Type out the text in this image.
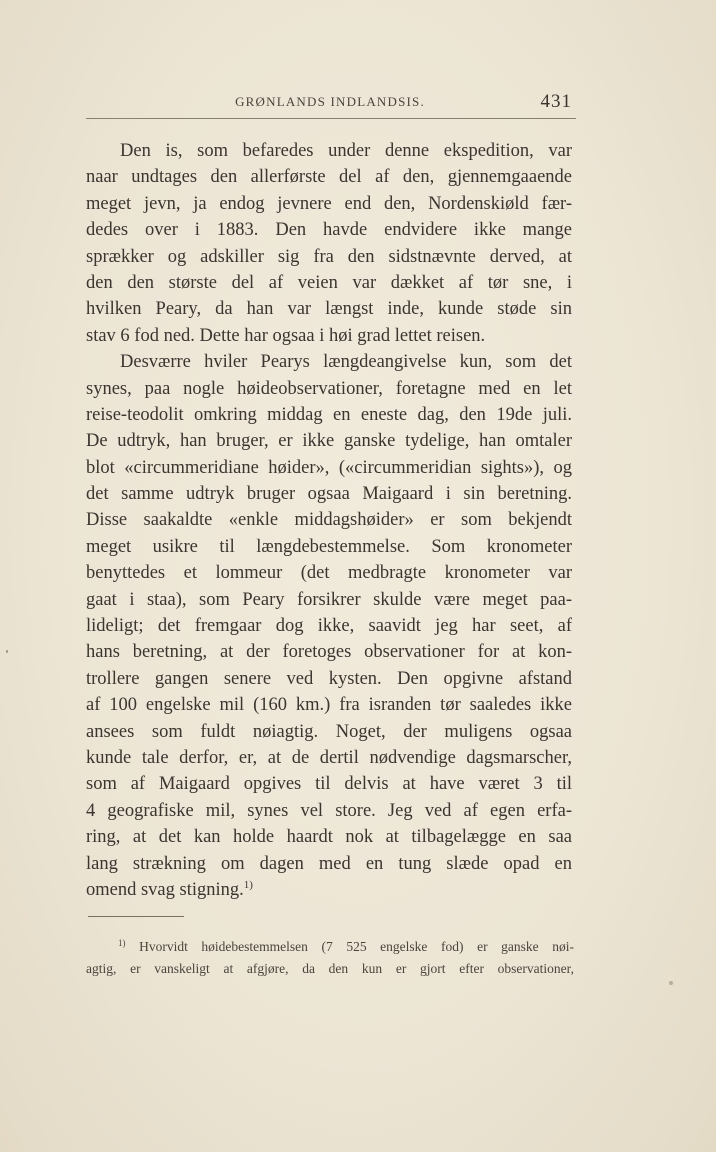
GRØNLANDS INDLANDSIS.	431
Den is, som befaredes under denne ekspedition, var
naar undtages den allerførste del af den, gjennemgaaende
meget jevn, ja endog jevnere end den, Nordenskiøld fær-
dedes over i 1883. Den havde endvidere ikke mange
sprækker og adskiller sig fra den sidstnævnte derved, at
den den største del af veien var dækket af tør sne, i
hvilken Peary, da han var længst inde, kunde støde sin
stav 6 fod ned. Dette har ogsaa i høi grad lettet reisen.
Desværre hviler Pearys længdeangivelse kun, som det
synes, paa nogle høideobservationer, foretagne med en let
reise-teodolit omkring middag en eneste dag, den 19de juli.
De udtryk, han bruger, er ikke ganske tydelige, han omtaler
blot «circummeridiane høider», («circummeridian sights»), og
det samme udtryk bruger ogsaa Maigaard i sin beretning.
Disse saakaldte «enkle middagshøider» er som bekjendt
meget usikre til længdebestemmelse. Som kronometer
benyttedes et lommeur (det medbragte kronometer var
gaat i staa), som Peary forsikrer skulde være meget paa-
lideligt; det fremgaar dog ikke, saavidt jeg har seet, af
hans beretning, at der foretoges observationer for at kon-
trollere gangen senere ved kysten. Den opgivne afstand
af 100 engelske mil (160 km.) fra isranden tør saaledes ikke
ansees som fuldt nøiagtig. Noget, der muligens ogsaa
kunde tale derfor, er, at de dertil nødvendige dagsmarscher,
som af Maigaard opgives til delvis at have været 3 til
4 geografiske mil, synes vel store. Jeg ved af egen erfa-
ring, at det kan holde haardt nok at tilbagelægge en saa
lang strækning om dagen med en tung slæde opad en
omend svag stigning.$^{1)}$
$^{1)}$ Hvorvidt høidebestemmelsen (7 525 engelske fod) er ganske nøi-
agtig, er vanskeligt at afgjøre, da den kun er gjort efter observationer,
